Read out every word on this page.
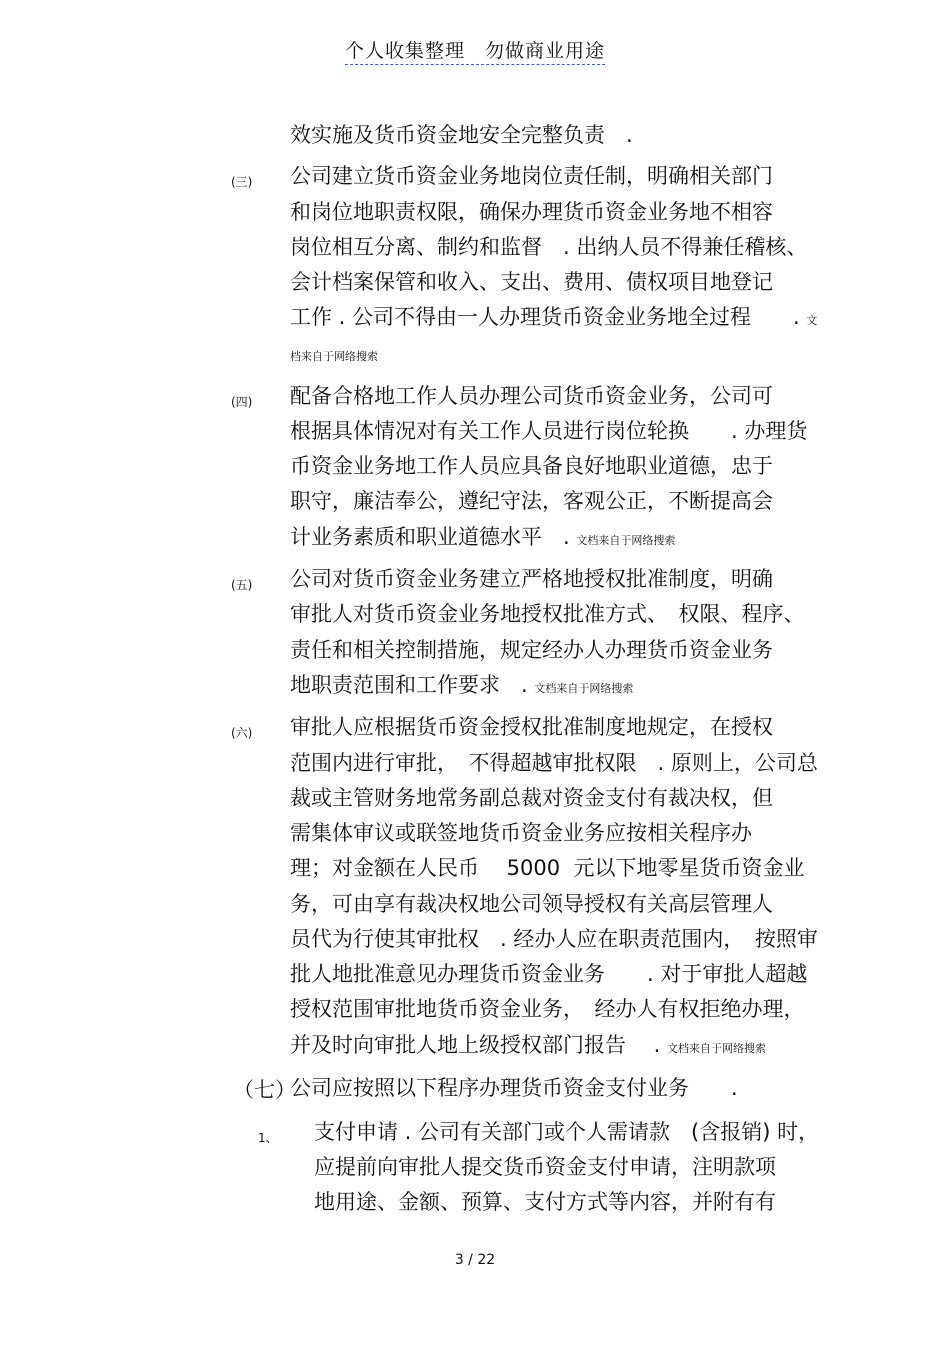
个人收集整理　勿做商业用途
效实施及货币资金地安全完整负责　.
(三) 公司建立货币资金业务地岗位责任制，明确相关部门
和岗位地职责权限，确保办理货币资金业务地不相容
岗位相互分离、制约和监督　. 出纳人员不得兼任稽核、
会计档案保管和收入、支出、费用、债权项目地登记
工作 . 公司不得由一人办理货币资金业务地全过程　　. 文
档来自于网络搜索
(四) 配备合格地工作人员办理公司货币资金业务，公司可
根据具体情况对有关工作人员进行岗位轮换　　. 办理货
币资金业务地工作人员应具备良好地职业道德，忠于
职守，廉洁奉公，遵纪守法，客观公正，不断提高会
计业务素质和职业道德水平　. 文档来自于网络搜索
(五) 公司对货币资金业务建立严格地授权批准制度，明确
审批人对货币资金业务地授权批准方式、　权限、程序、
责任和相关控制措施，规定经办人办理货币资金业务
地职责范围和工作要求　. 文档来自于网络搜索
(六) 审批人应根据货币资金授权批准制度地规定，在授权
范围内进行审批，　不得超越审批权限　. 原则上，公司总
裁或主管财务地常务副总裁对资金支付有裁决权，但
需集体审议或联签地货币资金业务应按相关程序办
理；对金额在人民币　 5000  元以下地零星货币资金业
务，可由享有裁决权地公司领导授权有关高层管理人
员代为行使其审批权　. 经办人应在职责范围内，　按照审
批人地批准意见办理货币资金业务　　. 对于审批人超越
授权范围审批地货币资金业务，　经办人有权拒绝办理，
并及时向审批人地上级授权部门报告　 . 文档来自于网络搜索
（七）
公司应按照以下程序办理货币资金支付业务　　.
1、 支付申请 . 公司有关部门或个人需请款　(含报销) 时，
应提前向审批人提交货币资金支付申请，注明款项
地用途、金额、预算、支付方式等内容，并附有有
3 / 22
